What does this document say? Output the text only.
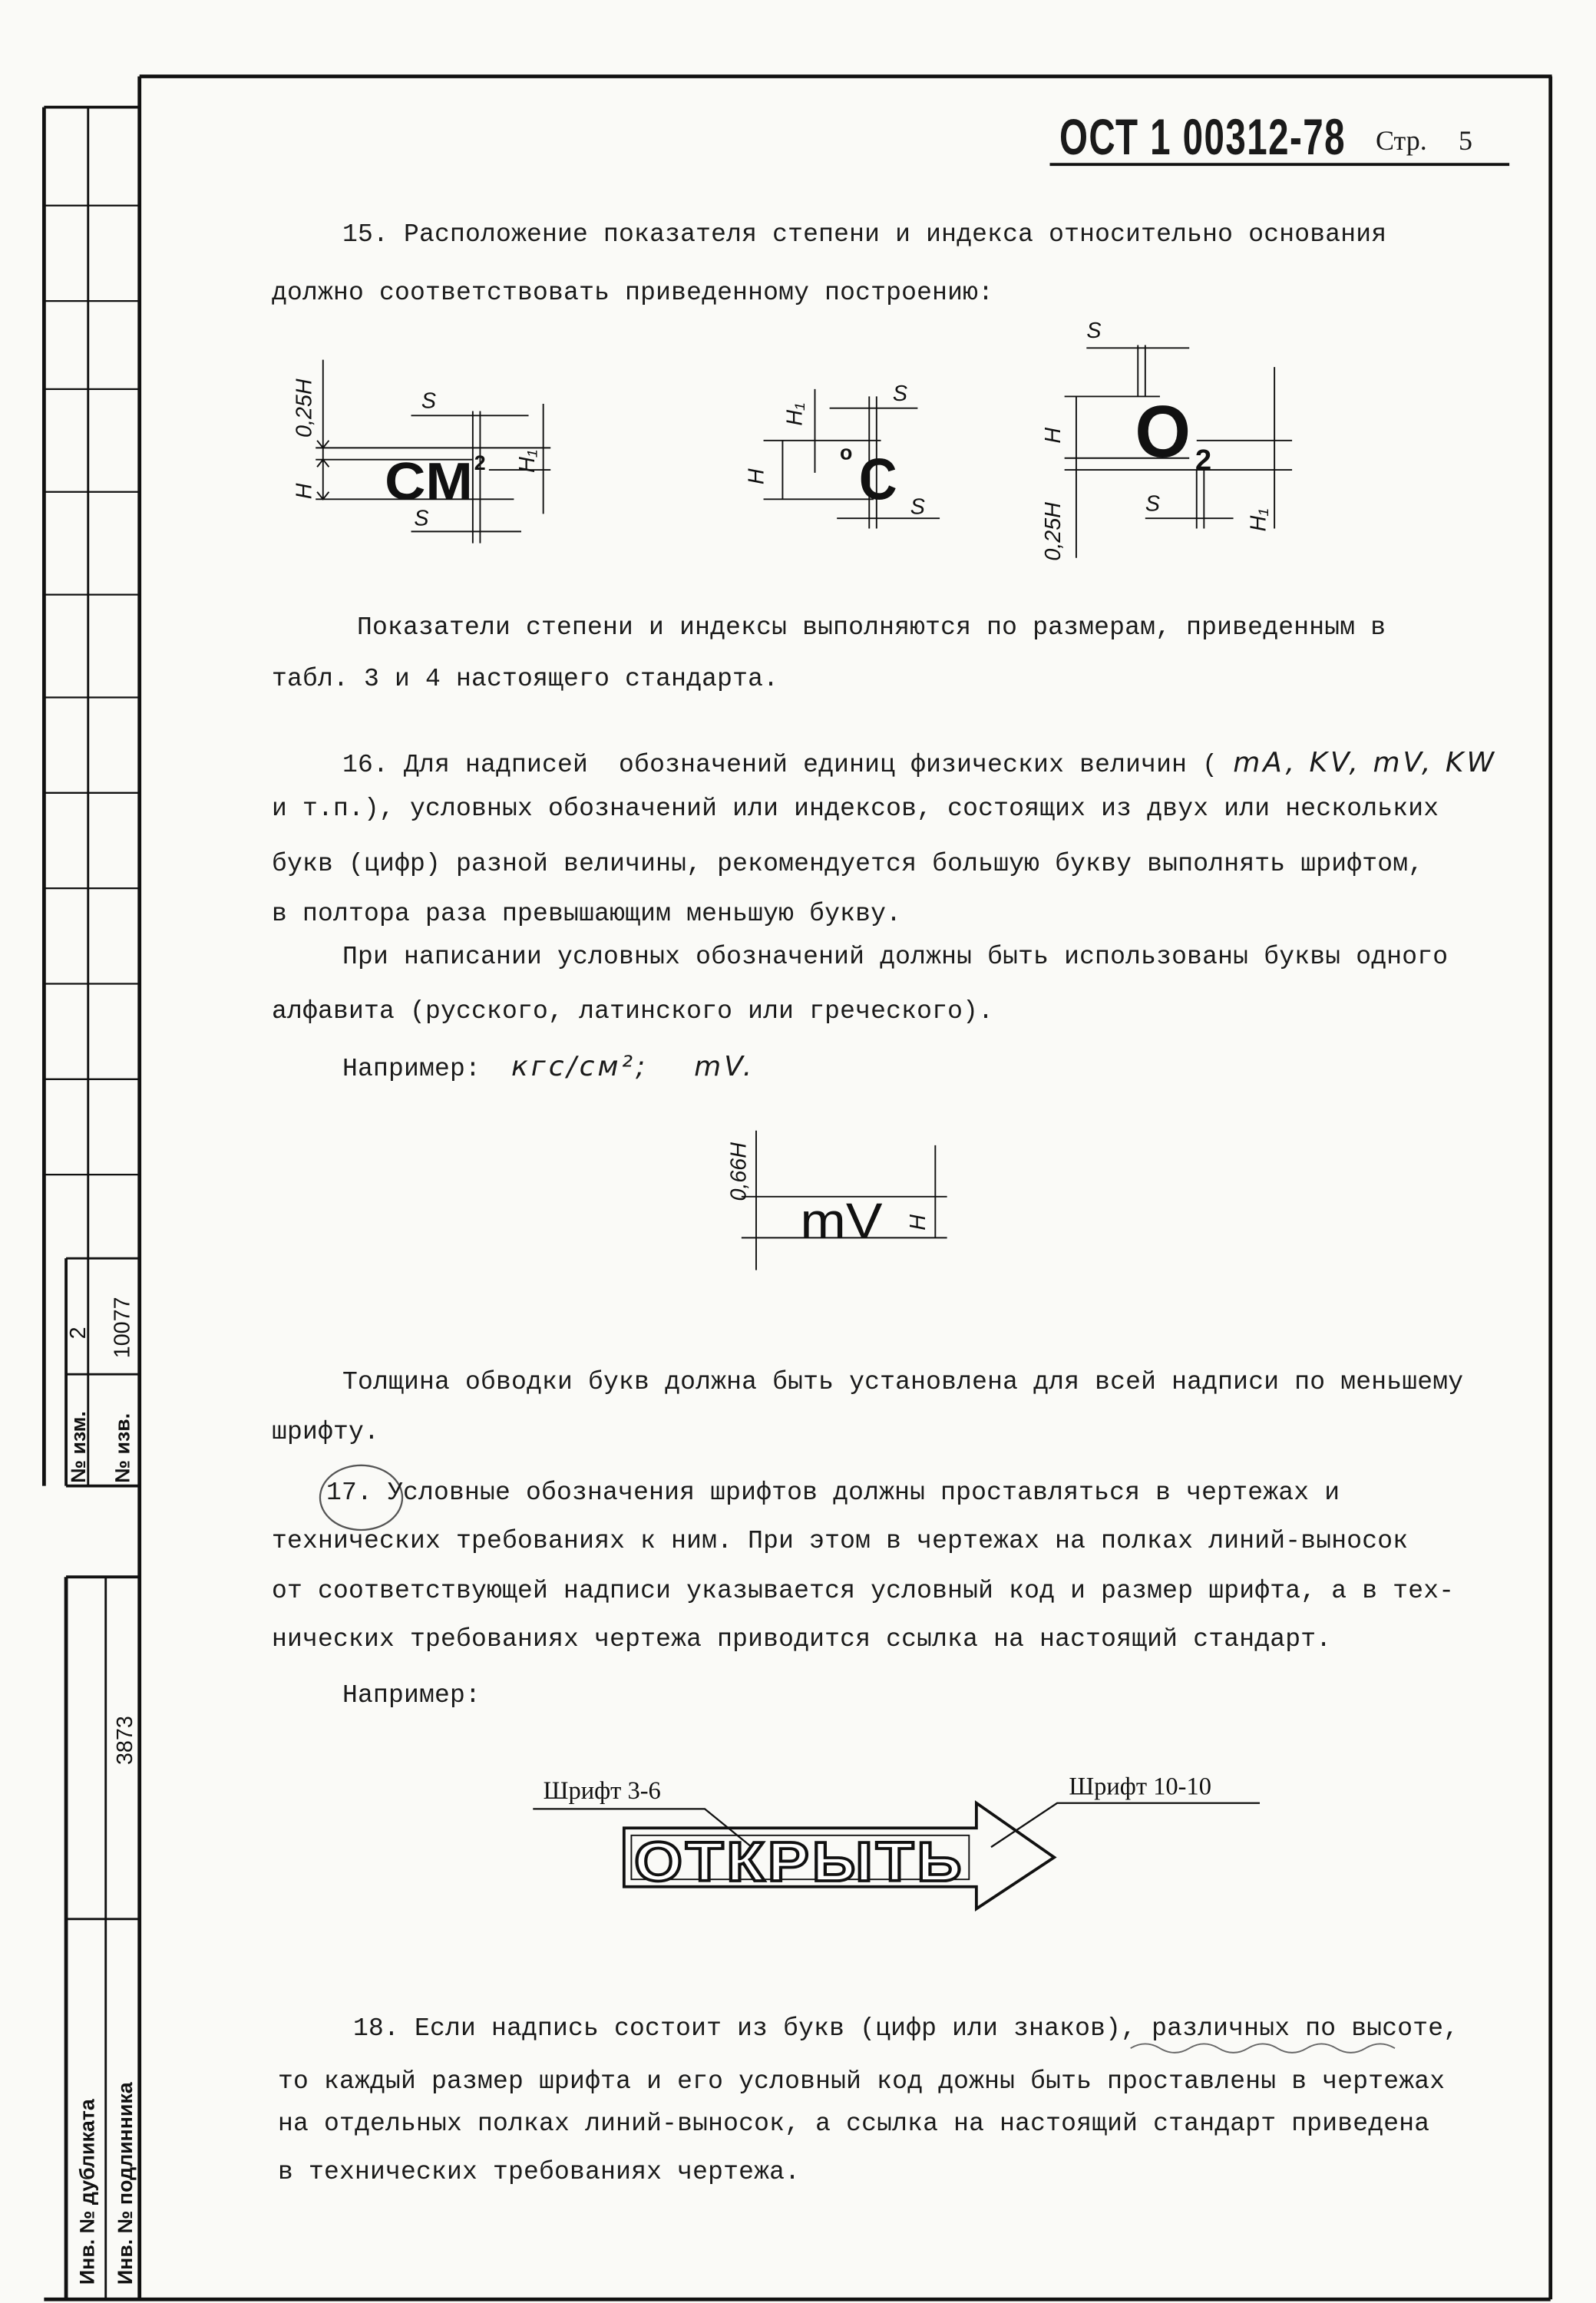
Инв. № дубликата Инв. № подлинника
3873
№ изм.
2
№ изв.
10077
0,25H
H
S
S
H₁
CM 2
H
H₁
S
S
о C
S
H
0,25H	S
H₁
O 2
0,66H
H
mV
ОТКРЫТЬ
Шрифт 3-6	Шрифт 10-10
ОСТ 1 00312-78 Стр. 5
15. Расположение показателя степени и индекса относительно основания
должно соответствовать приведенному построению:
Показатели степени и индексы выполняются по размерам, приведенным в
табл. 3 и 4 настоящего стандарта.
16. Для надписей  обозначений единиц физических величин ( mA, KV, mV, KW
и т.п.), условных обозначений или индексов, состоящих из двух или нескольких
букв (цифр) разной величины, рекомендуется большую букву выполнять шрифтом,
в полтора раза превышающим меньшую букву.
При написании условных обозначений должны быть использованы буквы одного
алфавита (русского, латинского или греческого).
Например: кгс/см²; mV.
Толщина обводки букв должна быть установлена для всей надписи по меньшему
шрифту.
17. Условные обозначения шрифтов должны проставляться в чертежах и
технических требованиях к ним. При этом в чертежах на полках линий-выносок
от соответствующей надписи указывается условный код и размер шрифта, а в тех-
нических требованиях чертежа приводится ссылка на настоящий стандарт.
Например:
18. Если надпись состоит из букв (цифр или знаков), различных по высоте,
то каждый размер шрифта и его условный код дожны быть проставлены в чертежах
на отдельных полках линий-выносок, а ссылка на настоящий стандарт приведена
в технических требованиях чертежа.
